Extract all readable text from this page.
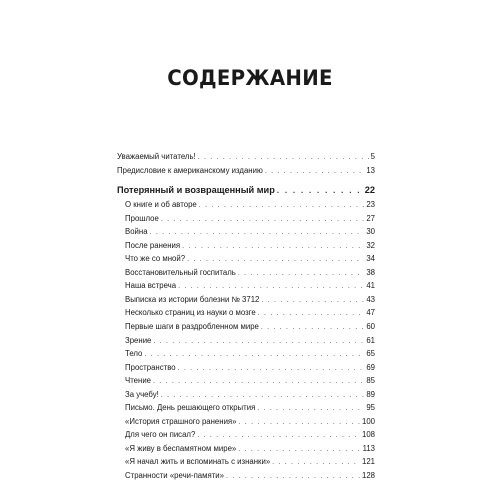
СОДЕРЖАНИЕ
Уважаемый читатель! . . .	5
Предисловие к американскому изданию . . .	13
Потерянный и возвращенный мир . . .	22
О книге и об авторе . . .	23
Прошлое . . .	27
Война . . .	30
После ранения . . .	32
Что же со мной? . . .	34
Восстановительный госпиталь . . .	38
Наша встреча . . .	41
Выписка из истории болезни № 3712 . . .	43
Несколько страниц из науки о мозге . . .	47
Первые шаги в раздробленном мире . . .	60
Зрение . . .	61
Тело . . .	65
Пространство . . .	69
Чтение . . .	85
За учебу! . . .	89
Письмо. День решающего открытия . . .	95
«История страшного ранения» . . .	100
Для чего он писал? . . .	108
«Я живу в беспамятном мире» . . .	113
«Я начал жить и вспоминать с изнанки» . . .	121
Странности «речи-памяти» . . .	128
